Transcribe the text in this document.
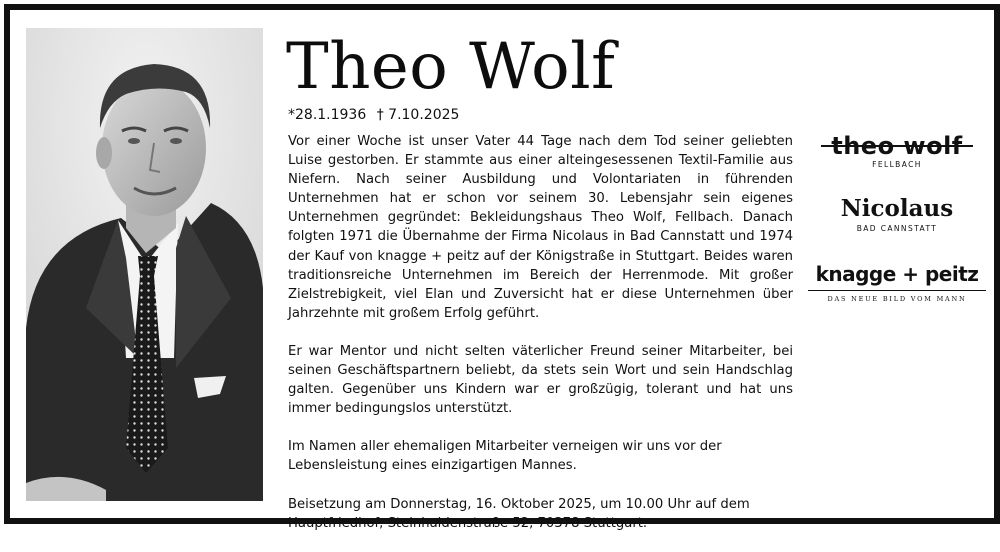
Theo Wolf
*28.1.1936 † 7.10.2025

Vor einer Woche ist unser Vater 44 Tage nach dem Tod seiner geliebten Luise gestorben. Er stammte aus einer alteingesessenen Textil-Familie aus Niefern. Nach seiner Ausbildung und Volontariaten in führenden Unternehmen hat er schon vor seinem 30. Lebensjahr sein eigenes Unternehmen gegründet: Bekleidungshaus Theo Wolf, Fellbach. Danach folgten 1971 die Übernahme der Firma Nicolaus in Bad Cannstatt und 1974 der Kauf von knagge + peitz auf der Königstraße in Stuttgart. Beides waren traditionsreiche Unternehmen im Bereich der Herrenmode. Mit großer Zielstrebigkeit, viel Elan und Zuversicht hat er diese Unternehmen über Jahrzehnte mit großem Erfolg geführt.

Er war Mentor und nicht selten väterlicher Freund seiner Mitarbeiter, bei seinen Geschäftspartnern beliebt, da stets sein Wort und sein Handschlag galten. Gegenüber uns Kindern war er großzügig, tolerant und hat uns immer bedingungslos unterstützt.

Im Namen aller ehemaligen Mitarbeiter verneigen wir uns vor der Lebensleistung eines einzigartigen Mannes.

Beisetzung am Donnerstag, 16. Oktober 2025, um 10.00 Uhr auf dem Hauptfriedhof, Steinhaldenstraße 52, 70378 Stuttgart.

theo wolf
FELLBACH
Nicolaus
BAD CANNSTATT
knagge + peitz
DAS NEUE BILD VOM MANN
